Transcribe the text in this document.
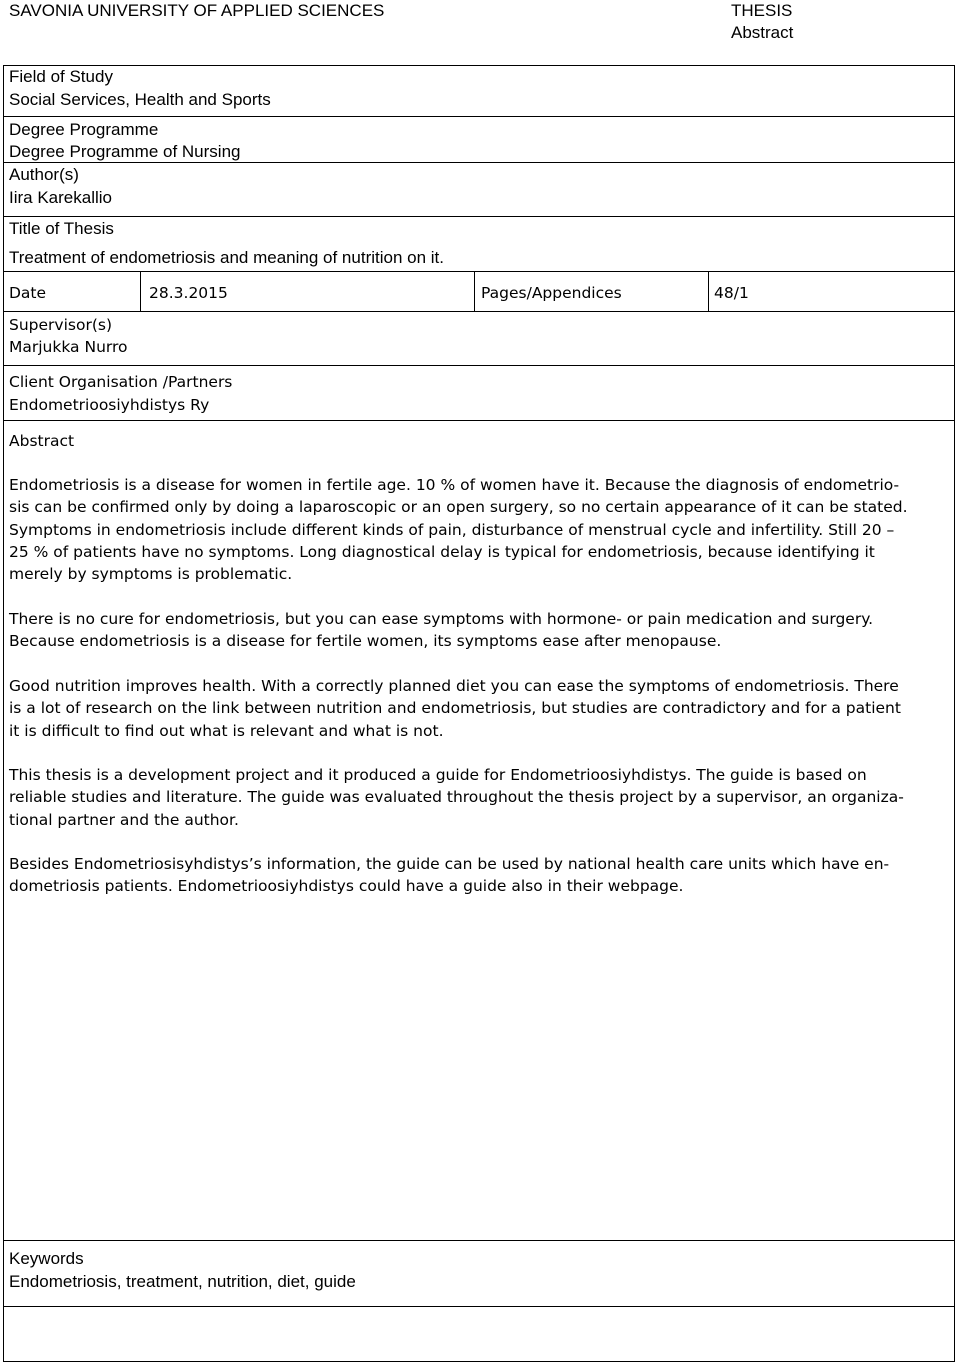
SAVONIA UNIVERSITY OF APPLIED SCIENCES	THESIS
Abstract
Field of Study
Social Services, Health and Sports
Degree Programme
Degree Programme of Nursing
Author(s)
Iira Karekallio
Title of Thesis
Treatment of endometriosis and meaning of nutrition on it.
Date	28.3.2015	Pages/Appendices	48/1
Supervisor(s)
Marjukka Nurro
Client Organisation /Partners
Endometrioosiyhdistys Ry
Abstract
Endometriosis is a disease for women in fertile age. 10 % of women have it. Because the diagnosis of endometrio-
sis can be confirmed only by doing a laparoscopic or an open surgery, so no certain appearance of it can be stated.
Symptoms in endometriosis include different kinds of pain, disturbance of menstrual cycle and infertility. Still 20 –
25 % of patients have no symptoms. Long diagnostical delay is typical for endometriosis, because identifying it
merely by symptoms is problematic.
There is no cure for endometriosis, but you can ease symptoms with hormone- or pain medication and surgery.
Because endometriosis is a disease for fertile women, its symptoms ease after menopause.
Good nutrition improves health. With a correctly planned diet you can ease the symptoms of endometriosis. There
is a lot of research on the link between nutrition and endometriosis, but studies are contradictory and for a patient
it is difficult to find out what is relevant and what is not.
This thesis is a development project and it produced a guide for Endometrioosiyhdistys. The guide is based on
reliable studies and literature. The guide was evaluated throughout the thesis project by a supervisor, an organiza-
tional partner and the author.
Besides Endometriosisyhdistys’s information, the guide can be used by national health care units which have en-
dometriosis patients. Endometrioosiyhdistys could have a guide also in their webpage.
Keywords
Endometriosis, treatment, nutrition, diet, guide
